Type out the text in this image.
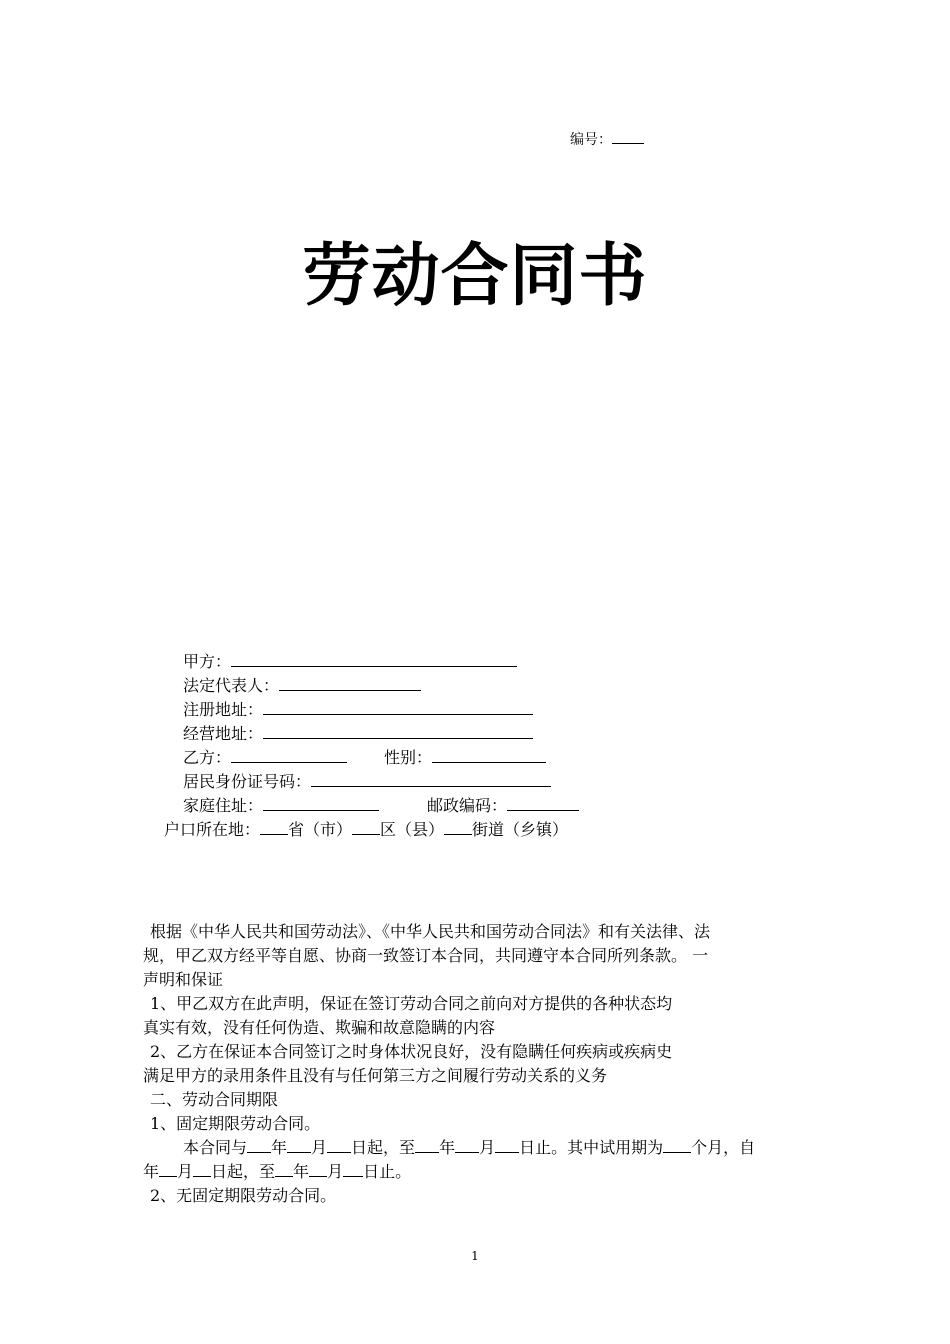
编号：
劳动合同书
甲方：
法定代表人：
注册地址：
经营地址：
乙方：	性别：
居民身份证号码：
家庭住址：	邮政编码：
户口所在地： 省（市） 区（县） 街道（乡镇）
根据《中华人民共和国劳动法》、《中华人民共和国劳动合同法》和有关法律、法
规，甲乙双方经平等自愿、协商一致签订本合同，共同遵守本合同所列条款。 一
声明和保证
1、甲乙双方在此声明，保证在签订劳动合同之前向对方提供的各种状态均
真实有效，没有任何伪造、欺骗和故意隐瞒的内容
2、乙方在保证本合同签订之时身体状况良好，没有隐瞒任何疾病或疾病史
满足甲方的录用条件且没有与任何第三方之间履行劳动关系的义务
二、劳动合同期限
1、固定期限劳动合同。
本合同与 年 月 日起，至 年 月 日止。其中试用期为 个月，自
年 月 日起，至 年 月 日止。
2、无固定期限劳动合同。
1
